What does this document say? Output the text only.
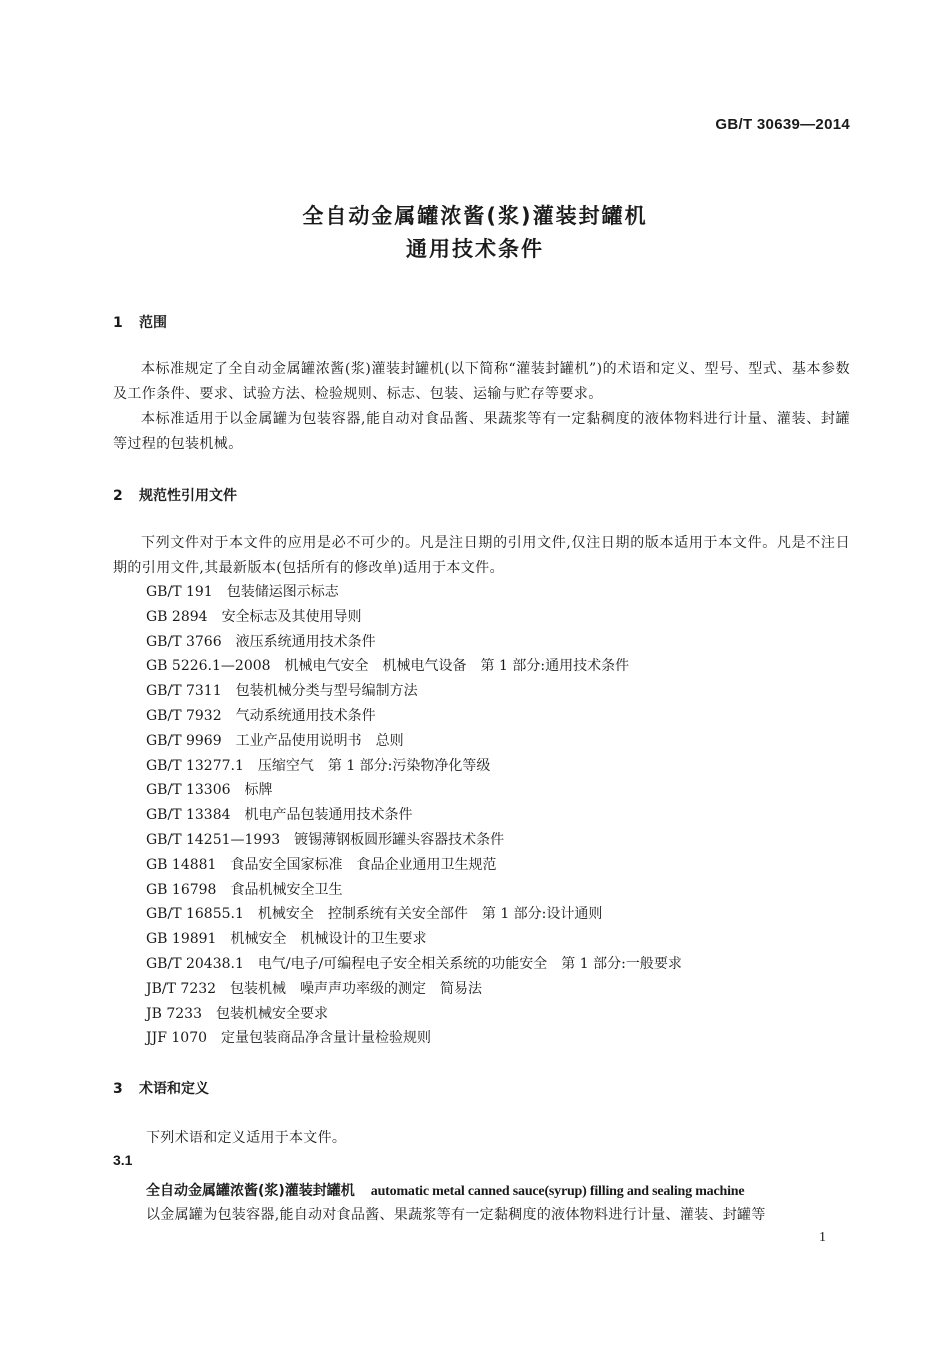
GB/T 30639—2014
全自动金属罐浓酱(浆)灌装封罐机
通用技术条件
1 范围
本标准规定了全自动金属罐浓酱(浆)灌装封罐机(以下简称“灌装封罐机”)的术语和定义、型号、型式、基本参数及工作条件、要求、试验方法、检验规则、标志、包装、运输与贮存等要求。
本标准适用于以金属罐为包装容器,能自动对食品酱、果蔬浆等有一定黏稠度的液体物料进行计量、灌装、封罐等过程的包装机械。
2 规范性引用文件
下列文件对于本文件的应用是必不可少的。凡是注日期的引用文件,仅注日期的版本适用于本文件。凡是不注日期的引用文件,其最新版本(包括所有的修改单)适用于本文件。
GB/T 191 包装储运图示标志
GB 2894 安全标志及其使用导则
GB/T 3766 液压系统通用技术条件
GB 5226.1—2008 机械电气安全　机械电气设备　第 1 部分:通用技术条件
GB/T 7311 包装机械分类与型号编制方法
GB/T 7932 气动系统通用技术条件
GB/T 9969 工业产品使用说明书　总则
GB/T 13277.1 压缩空气　第 1 部分:污染物净化等级
GB/T 13306 标牌
GB/T 13384 机电产品包装通用技术条件
GB/T 14251—1993 镀锡薄钢板圆形罐头容器技术条件
GB 14881 食品安全国家标准　食品企业通用卫生规范
GB 16798 食品机械安全卫生
GB/T 16855.1 机械安全　控制系统有关安全部件　第 1 部分:设计通则
GB 19891 机械安全　机械设计的卫生要求
GB/T 20438.1 电气/电子/可编程电子安全相关系统的功能安全　第 1 部分:一般要求
JB/T 7232 包装机械　噪声声功率级的测定　简易法
JB 7233 包装机械安全要求
JJF 1070 定量包装商品净含量计量检验规则
3 术语和定义
下列术语和定义适用于本文件。
3.1
全自动金属罐浓酱(浆)灌装封罐机 automatic metal canned sauce(syrup) filling and sealing machine
以金属罐为包装容器,能自动对食品酱、果蔬浆等有一定黏稠度的液体物料进行计量、灌装、封罐等
1
